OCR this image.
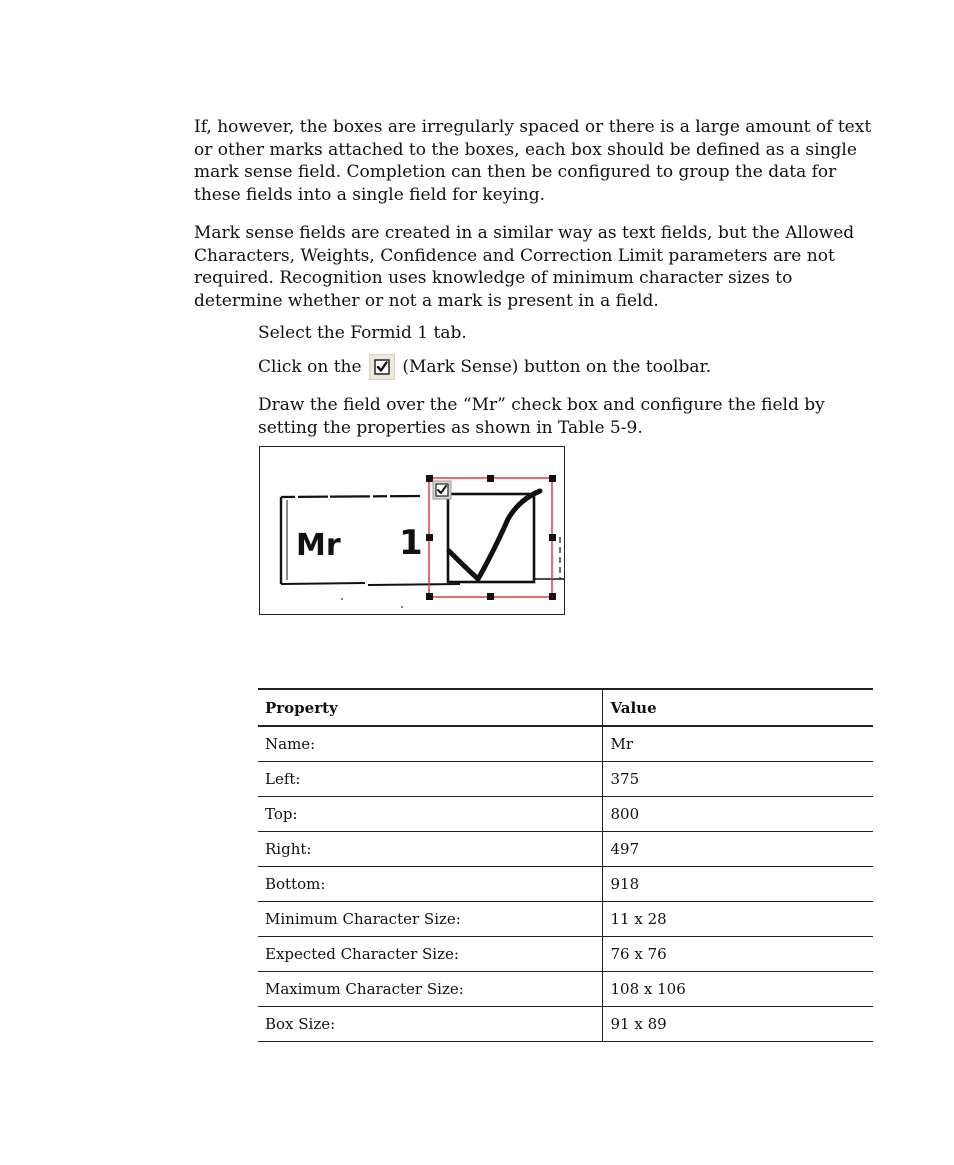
If, however, the boxes are irregularly spaced or there is a large amount of text or other marks attached to the boxes, each box should be defined as a single mark sense field. Completion can then be configured to group the data for these fields into a single field for keying.

Mark sense fields are created in a similar way as text fields, but the Allowed Characters, Weights, Confidence and Correction Limit parameters are not required. Recognition uses knowledge of minimum character sizes to determine whether or not a mark is present in a field.

Select the Formid 1 tab.

Click on the (Mark Sense) button on the toolbar.

Draw the field over the “Mr” check box and configure the field by setting the properties as shown in Table 5-9.

Mr 1
Property	Value
Name:	Mr
Left:	375
Top:	800
Right:	497
Bottom:	918
Minimum Character Size:	11 x 28
Expected Character Size:	76 x 76
Maximum Character Size:	108 x 106
Box Size:	91 x 89
